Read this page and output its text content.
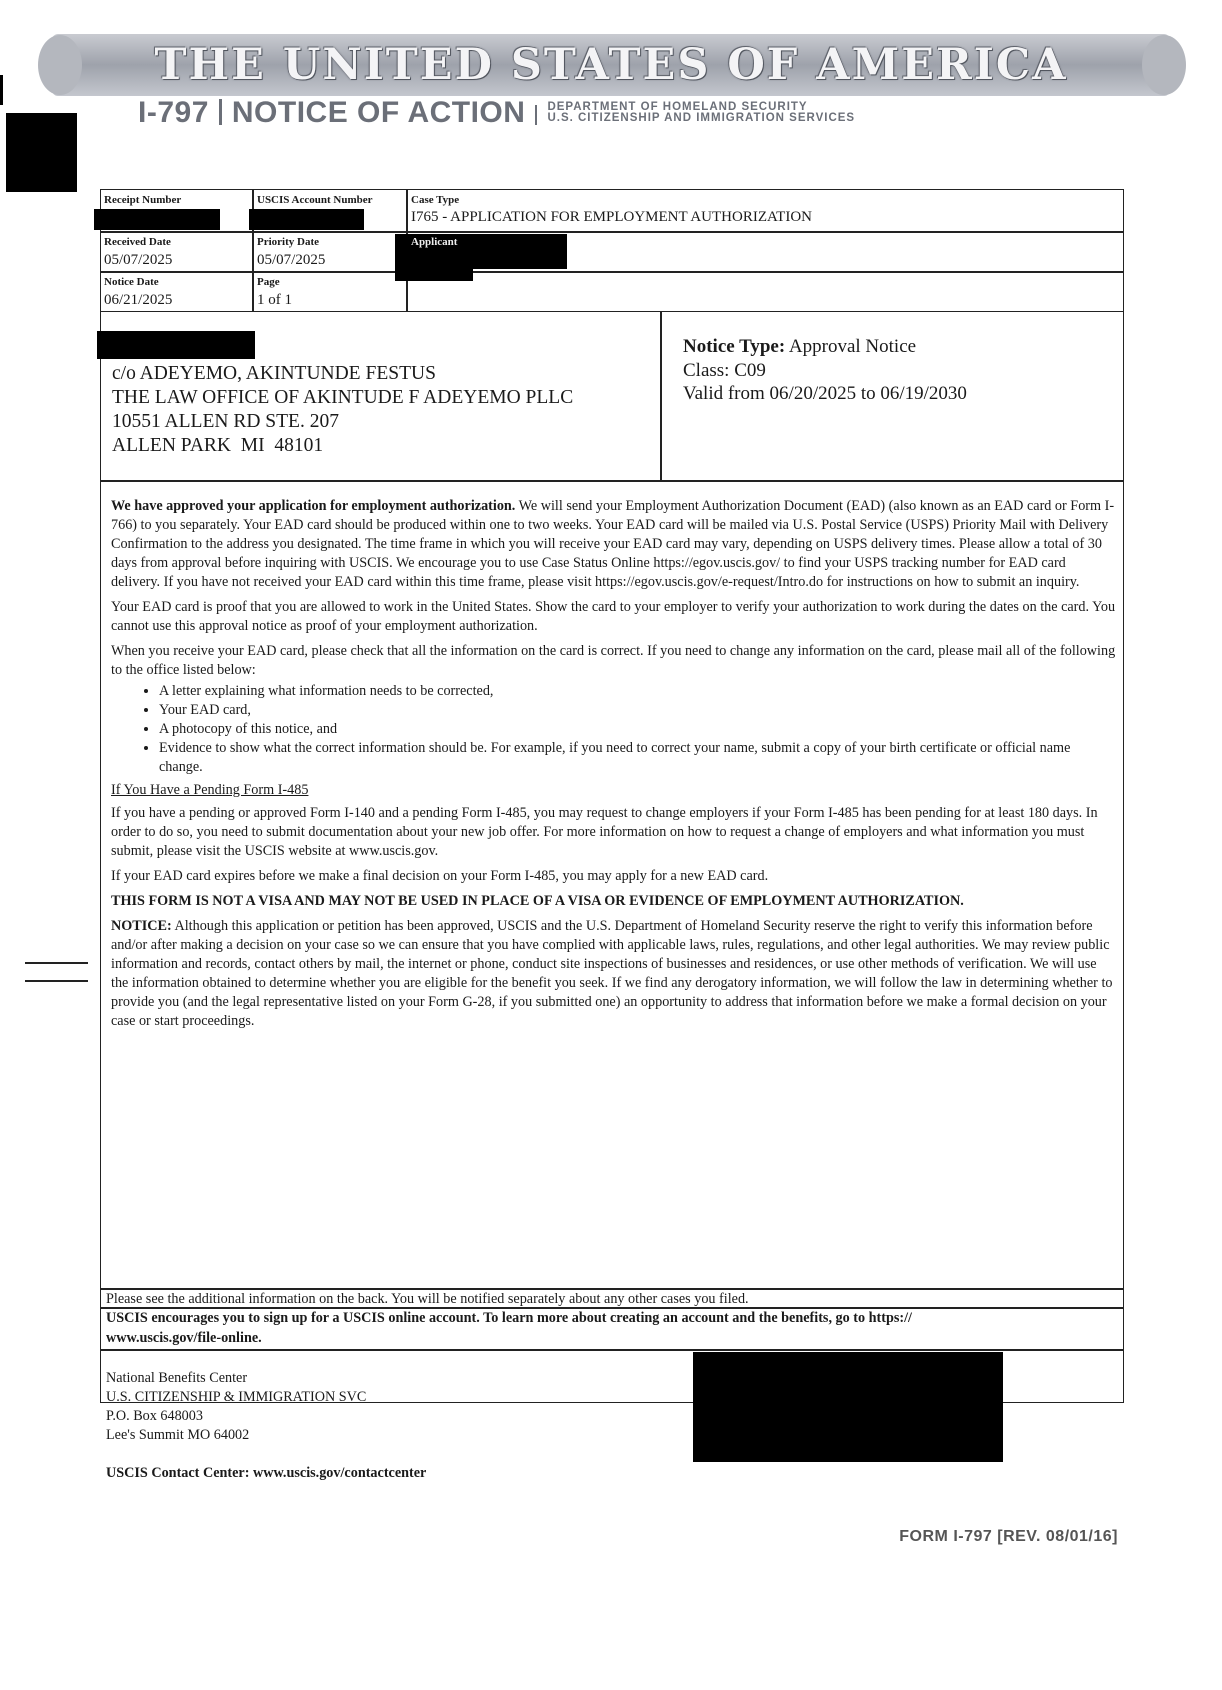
THE UNITED STATES OF AMERICA
I-797 NOTICE OF ACTION DEPARTMENT OF HOMELAND SECURITY
U.S. CITIZENSHIP AND IMMIGRATION SERVICES
Receipt Number	USCIS Account Number	Case Type
I765 - APPLICATION FOR EMPLOYMENT AUTHORIZATION
Received Date
05/07/2025
Priority Date
05/07/2025
Applicant
Notice Date
06/21/2025
Page
1 of 1
c/o ADEYEMO, AKINTUNDE FESTUS
THE LAW OFFICE OF AKINTUDE F ADEYEMO PLLC
10551 ALLEN RD STE. 207
ALLEN PARK  MI  48101
Notice Type: Approval Notice
Class: C09
Valid from 06/20/2025 to 06/19/2030

We have approved your application for employment authorization. We will send your Employment Authorization Document (EAD) (also known as an EAD card or Form I-766) to you separately. Your EAD card should be produced within one to two weeks. Your EAD card will be mailed via U.S. Postal Service (USPS) Priority Mail with Delivery Confirmation to the address you designated. The time frame in which you will receive your EAD card may vary, depending on USPS delivery times. Please allow a total of 30 days from approval before inquiring with USCIS. We encourage you to use Case Status Online https://egov.uscis.gov/ to find your USPS tracking number for EAD card delivery. If you have not received your EAD card within this time frame, please visit https://egov.uscis.gov/e-request/Intro.do for instructions on how to submit an inquiry.

Your EAD card is proof that you are allowed to work in the United States. Show the card to your employer to verify your authorization to work during the dates on the card. You cannot use this approval notice as proof of your employment authorization.

When you receive your EAD card, please check that all the information on the card is correct. If you need to change any information on the card, please mail all of the following to the office listed below:

• A letter explaining what information needs to be corrected,
• Your EAD card,
• A photocopy of this notice, and
• Evidence to show what the correct information should be. For example, if you need to correct your name, submit a copy of your birth certificate or official name change.

If You Have a Pending Form I-485

If you have a pending or approved Form I-140 and a pending Form I-485, you may request to change employers if your Form I-485 has been pending for at least 180 days. In order to do so, you need to submit documentation about your new job offer. For more information on how to request a change of employers and what information you must submit, please visit the USCIS website at www.uscis.gov.

If your EAD card expires before we make a final decision on your Form I-485, you may apply for a new EAD card.

THIS FORM IS NOT A VISA AND MAY NOT BE USED IN PLACE OF A VISA OR EVIDENCE OF EMPLOYMENT AUTHORIZATION.

NOTICE: Although this application or petition has been approved, USCIS and the U.S. Department of Homeland Security reserve the right to verify this information before and/or after making a decision on your case so we can ensure that you have complied with applicable laws, rules, regulations, and other legal authorities. We may review public information and records, contact others by mail, the internet or phone, conduct site inspections of businesses and residences, or use other methods of verification. We will use the information obtained to determine whether you are eligible for the benefit you seek. If we find any derogatory information, we will follow the law in determining whether to provide you (and the legal representative listed on your Form G-28, if you submitted one) an opportunity to address that information before we make a formal decision on your case or start proceedings.

Please see the additional information on the back. You will be notified separately about any other cases you filed.
USCIS encourages you to sign up for a USCIS online account. To learn more about creating an account and the benefits, go to https://
www.uscis.gov/file-online.
National Benefits Center
U.S. CITIZENSHIP & IMMIGRATION SVC
P.O. Box 648003
Lee's Summit MO 64002
USCIS Contact Center: www.uscis.gov/contactcenter
FORM I-797 [REV. 08/01/16]
